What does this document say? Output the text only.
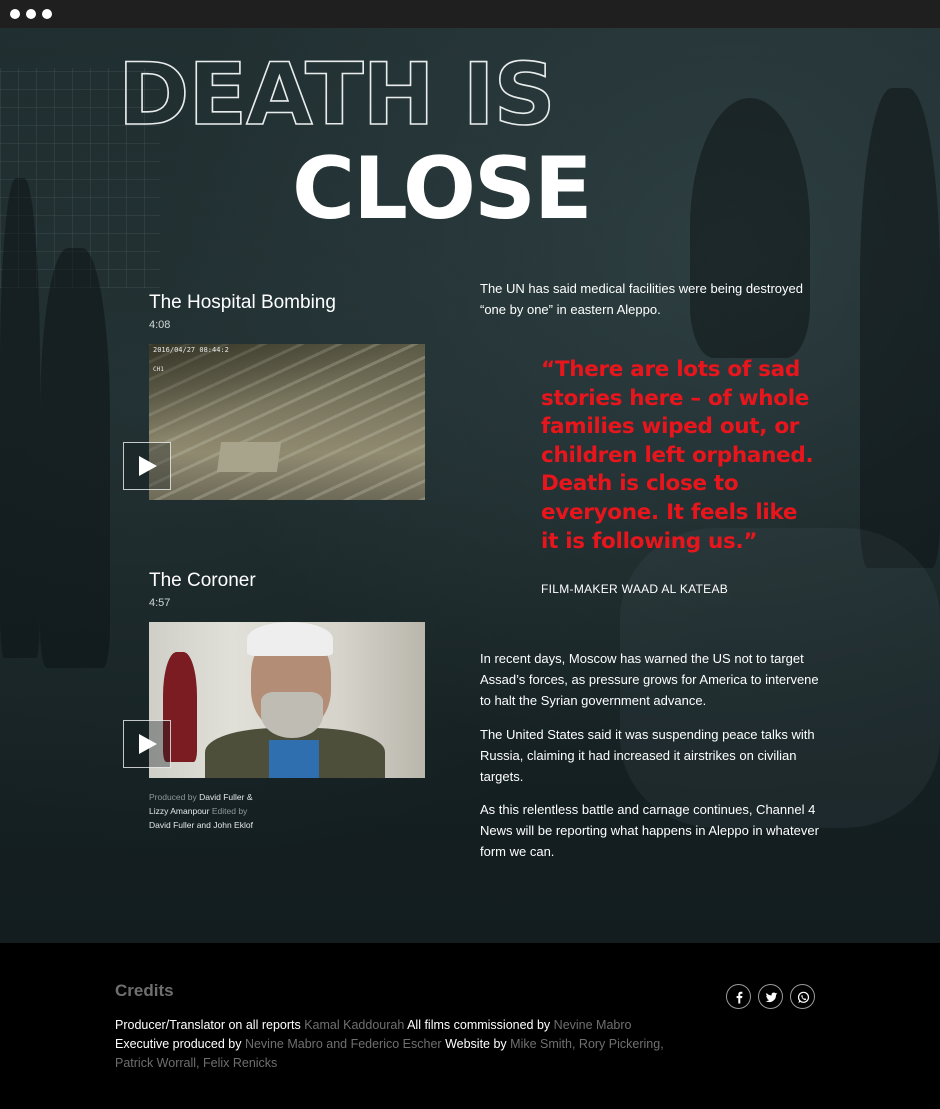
DEATH IS
CLOSE
The Hospital Bombing
4:08
2016/04/27 08:44:2
CH1
The Coroner
4:57
Produced by David Fuller & Lizzy Amanpour Edited by David Fuller and John Eklof

The UN has said medical facilities were being destroyed “one by one” in eastern Aleppo.

“There are lots of sad stories here – of whole families wiped out, or children left orphaned. Death is close to everyone. It feels like it is following us.”

FILM-MAKER WAAD AL KATEAB

In recent days, Moscow has warned the US not to target Assad’s forces, as pressure grows for America to intervene to halt the Syrian government advance.

The United States said it was suspending peace talks with Russia, claiming it had increased it airstrikes on civilian targets.

As this relentless battle and carnage continues, Channel 4 News will be reporting what happens in Aleppo in whatever form we can.

Credits
Producer/Translator on all reports Kamal Kaddourah All films commissioned by Nevine Mabro
Executive produced by Nevine Mabro and Federico Escher Website by Mike Smith, Rory Pickering, Patrick Worrall, Felix Renicks
